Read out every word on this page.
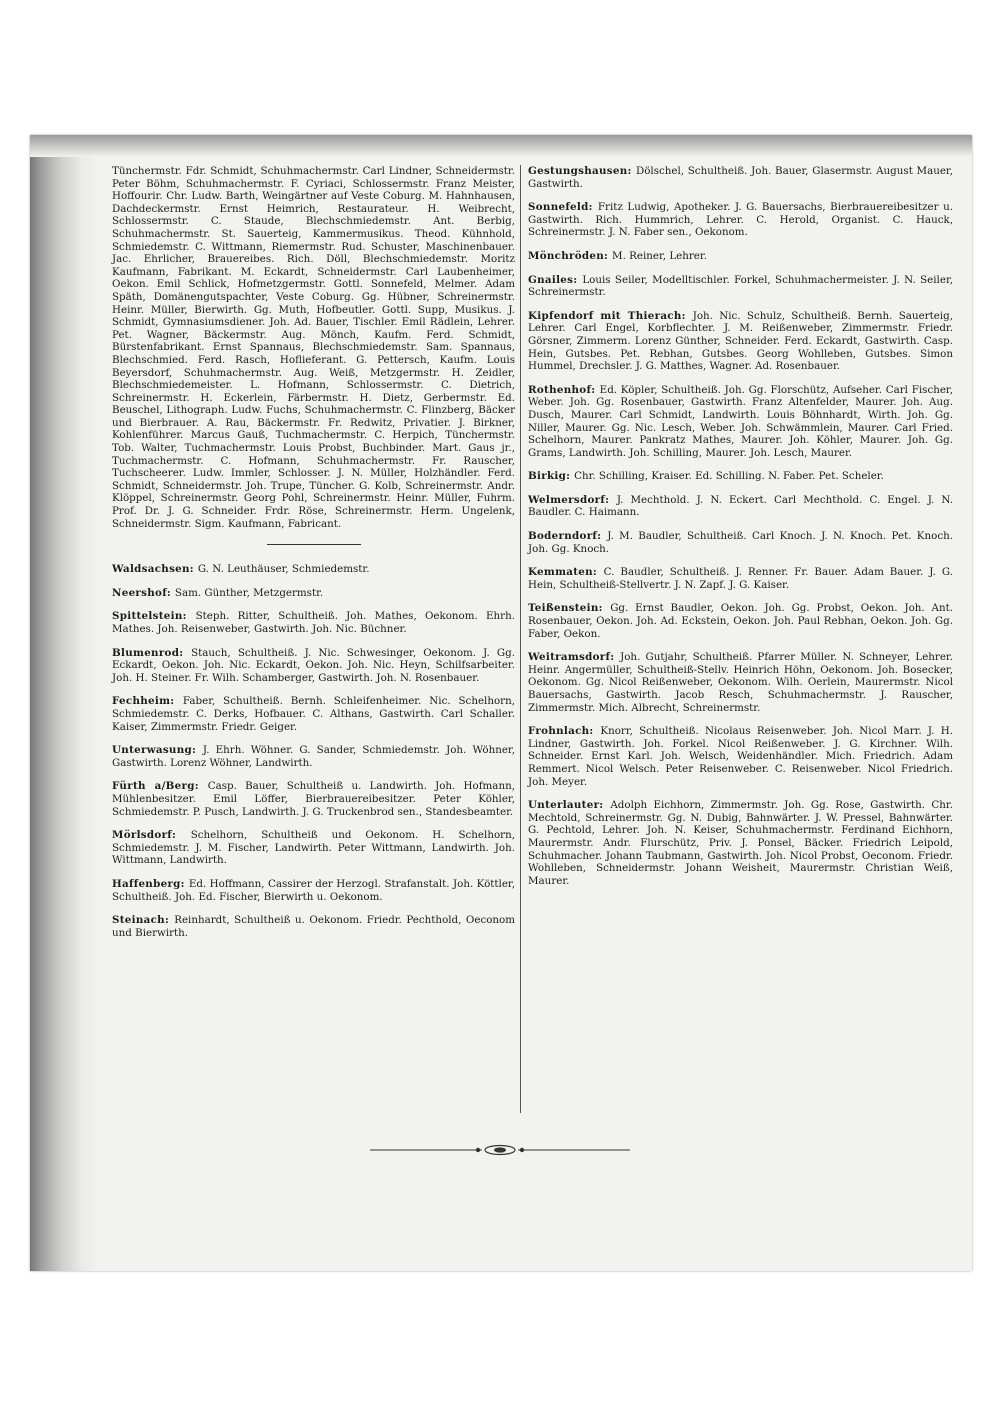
Tünchermstr. Fdr. Schmidt, Schuhmachermstr. Carl Lindner, Schneidermstr. Peter Böhm, Schuhmachermstr. F. Cyriaci, Schlossermstr. Franz Meister, Hoffourir. Chr. Ludw. Barth, Weingärtner auf Veste Coburg. M. Hahnhausen, Dachdeckermstr. Ernst Heimrich, Restaurateur. H. Weibrecht, Schlossermstr. C. Staude, Blechschmiedemstr. Ant. Berbig, Schuhmachermstr. St. Sauerteig, Kammermusikus. Theod. Kühnhold, Schmiedemstr. C. Wittmann, Riemermstr. Rud. Schuster, Maschinenbauer. Jac. Ehrlicher, Brauereibes. Rich. Döll, Blechschmiedemstr. Moritz Kaufmann, Fabrikant. M. Eckardt, Schneidermstr. Carl Laubenheimer, Oekon. Emil Schlick, Hofmetzgermstr. Gottl. Sonnefeld, Melmer. Adam Späth, Domänengutspachter, Veste Coburg. Gg. Hübner, Schreinermstr. Heinr. Müller, Bierwirth. Gg. Muth, Hofbeutler. Gottl. Supp, Musikus. J. Schmidt, Gymnasiumsdiener. Joh. Ad. Bauer, Tischler. Emil Rädlein, Lehrer. Pet. Wagner, Bäckermstr. Aug. Mönch, Kaufm. Ferd. Schmidt, Bürstenfabrikant. Ernst Spannaus, Blechschmiedemstr. Sam. Spannaus, Blechschmied. Ferd. Rasch, Hoflieferant. G. Pettersch, Kaufm. Louis Beyersdorf, Schuhmachermstr. Aug. Weiß, Metzgermstr. H. Zeidler, Blechschmiedemeister. L. Hofmann, Schlossermstr. C. Dietrich, Schreinermstr. H. Eckerlein, Färbermstr. H. Dietz, Gerbermstr. Ed. Beuschel, Lithograph. Ludw. Fuchs, Schuhmachermstr. C. Flinzberg, Bäcker und Bierbrauer. A. Rau, Bäckermstr. Fr. Redwitz, Privatier. J. Birkner, Kohlenführer. Marcus Gauß, Tuchmachermstr. C. Herpich, Tünchermstr. Tob. Walter, Tuchmachermstr. Louis Probst, Buchbinder. Mart. Gaus jr., Tuchmachermstr. C. Hofmann, Schuhmachermstr. Fr. Rauscher, Tuchscheerer. Ludw. Immler, Schlosser. J. N. Müller, Holzhändler. Ferd. Schmidt, Schneidermstr. Joh. Trupe, Tüncher. G. Kolb, Schreinermstr. Andr. Klöppel, Schreinermstr. Georg Pohl, Schreinermstr. Heinr. Müller, Fuhrm. Prof. Dr. J. G. Schneider. Frdr. Röse, Schreinermstr. Herm. Ungelenk, Schneidermstr. Sigm. Kaufmann, Fabricant.

Waldsachsen: G. N. Leuthäuser, Schmiedemstr.

Neershof: Sam. Günther, Metzgermstr.

Spittelstein: Steph. Ritter, Schultheiß. Joh. Mathes, Oekonom. Ehrh. Mathes. Joh. Reisenweber, Gastwirth. Joh. Nic. Büchner.

Blumenrod: Stauch, Schultheiß. J. Nic. Schwesinger, Oekonom. J. Gg. Eckardt, Oekon. Joh. Nic. Eckardt, Oekon. Joh. Nic. Heyn, Schilfsarbeiter. Joh. H. Steiner. Fr. Wilh. Schamberger, Gastwirth. Joh. N. Rosenbauer.

Fechheim: Faber, Schultheiß. Bernh. Schleifenheimer. Nic. Schelhorn, Schmiedemstr. C. Derks, Hofbauer. C. Althans, Gastwirth. Carl Schaller. Kaiser, Zimmermstr. Friedr. Geiger.

Unterwasung: J. Ehrh. Wöhner. G. Sander, Schmiedemstr. Joh. Wöhner, Gastwirth. Lorenz Wöhner, Landwirth.

Fürth a/Berg: Casp. Bauer, Schultheiß u. Landwirth. Joh. Hofmann, Mühlenbesitzer. Emil Löffer, Bierbrauereibesitzer. Peter Köhler, Schmiedemstr. P. Pusch, Landwirth. J. G. Truckenbrod sen., Standesbeamter.

Mörlsdorf: Schelhorn, Schultheiß und Oekonom. H. Schelhorn, Schmiedemstr. J. M. Fischer, Landwirth. Peter Wittmann, Landwirth. Joh. Wittmann, Landwirth.

Haffenberg: Ed. Hoffmann, Cassirer der Herzogl. Strafanstalt. Joh. Köttler, Schultheiß. Joh. Ed. Fischer, Bierwirth u. Oekonom.

Steinach: Reinhardt, Schultheiß u. Oekonom. Friedr. Pechthold, Oeconom und Bierwirth.

Gestungshausen: Dölschel, Schultheiß. Joh. Bauer, Glasermstr. August Mauer, Gastwirth.

Sonnefeld: Fritz Ludwig, Apotheker. J. G. Bauersachs, Bierbrauereibesitzer u. Gastwirth. Rich. Hummrich, Lehrer. C. Herold, Organist. C. Hauck, Schreinermstr. J. N. Faber sen., Oekonom.

Mönchröden: M. Reiner, Lehrer.

Gnailes: Louis Seiler, Modelltischler. Forkel, Schuhmachermeister. J. N. Seiler, Schreinermstr.

Kipfendorf mit Thierach: Joh. Nic. Schulz, Schultheiß. Bernh. Sauerteig, Lehrer. Carl Engel, Korbflechter. J. M. Reißenweber, Zimmermstr. Friedr. Görsner, Zimmerm. Lorenz Günther, Schneider. Ferd. Eckardt, Gastwirth. Casp. Hein, Gutsbes. Pet. Rebhan, Gutsbes. Georg Wohlleben, Gutsbes. Simon Hummel, Drechsler. J. G. Matthes, Wagner. Ad. Rosenbauer.

Rothenhof: Ed. Köpler, Schultheiß. Joh. Gg. Florschütz, Aufseher. Carl Fischer, Weber. Joh. Gg. Rosenbauer, Gastwirth. Franz Altenfelder, Maurer. Joh. Aug. Dusch, Maurer. Carl Schmidt, Landwirth. Louis Böhnhardt, Wirth. Joh. Gg. Niller, Maurer. Gg. Nic. Lesch, Weber. Joh. Schwämmlein, Maurer. Carl Fried. Schelhorn, Maurer. Pankratz Mathes, Maurer. Joh. Köhler, Maurer. Joh. Gg. Grams, Landwirth. Joh. Schilling, Maurer. Joh. Lesch, Maurer.

Birkig: Chr. Schilling, Kraiser. Ed. Schilling. N. Faber. Pet. Scheler.

Welmersdorf: J. Mechthold. J. N. Eckert. Carl Mechthold. C. Engel. J. N. Baudler. C. Haimann.

Boderndorf: J. M. Baudler, Schultheiß. Carl Knoch. J. N. Knoch. Pet. Knoch. Joh. Gg. Knoch.

Kemmaten: C. Baudler, Schultheiß. J. Renner. Fr. Bauer. Adam Bauer. J. G. Hein, Schultheiß-Stellvertr. J. N. Zapf. J. G. Kaiser.

Teißenstein: Gg. Ernst Baudler, Oekon. Joh. Gg. Probst, Oekon. Joh. Ant. Rosenbauer, Oekon. Joh. Ad. Eckstein, Oekon. Joh. Paul Rebhan, Oekon. Joh. Gg. Faber, Oekon.

Weitramsdorf: Joh. Gutjahr, Schultheiß. Pfarrer Müller. N. Schneyer, Lehrer. Heinr. Angermüller, Schultheiß-Stellv. Heinrich Höhn, Oekonom. Joh. Bosecker, Oekonom. Gg. Nicol Reißenweber, Oekonom. Wilh. Oerlein, Maurermstr. Nicol Bauersachs, Gastwirth. Jacob Resch, Schuhmachermstr. J. Rauscher, Zimmermstr. Mich. Albrecht, Schreinermstr.

Frohnlach: Knorr, Schultheiß. Nicolaus Reisenweber. Joh. Nicol Marr. J. H. Lindner, Gastwirth. Joh. Forkel. Nicol Reißenweber. J. G. Kirchner. Wilh. Schneider. Ernst Karl. Joh. Welsch, Weidenhändler. Mich. Friedrich. Adam Remmert. Nicol Welsch. Peter Reisenweber. C. Reisenweber. Nicol Friedrich. Joh. Meyer.

Unterlauter: Adolph Eichhorn, Zimmermstr. Joh. Gg. Rose, Gastwirth. Chr. Mechtold, Schreinermstr. Gg. N. Dubig, Bahnwärter. J. W. Pressel, Bahnwärter. G. Pechtold, Lehrer. Joh. N. Keiser, Schuhmachermstr. Ferdinand Eichhorn, Maurermstr. Andr. Flurschütz, Priv. J. Ponsel, Bäcker. Friedrich Leipold, Schuhmacher. Johann Taubmann, Gastwirth. Joh. Nicol Probst, Oeconom. Friedr. Wohlleben, Schneidermstr. Johann Weisheit, Maurermstr. Christian Weiß, Maurer.
